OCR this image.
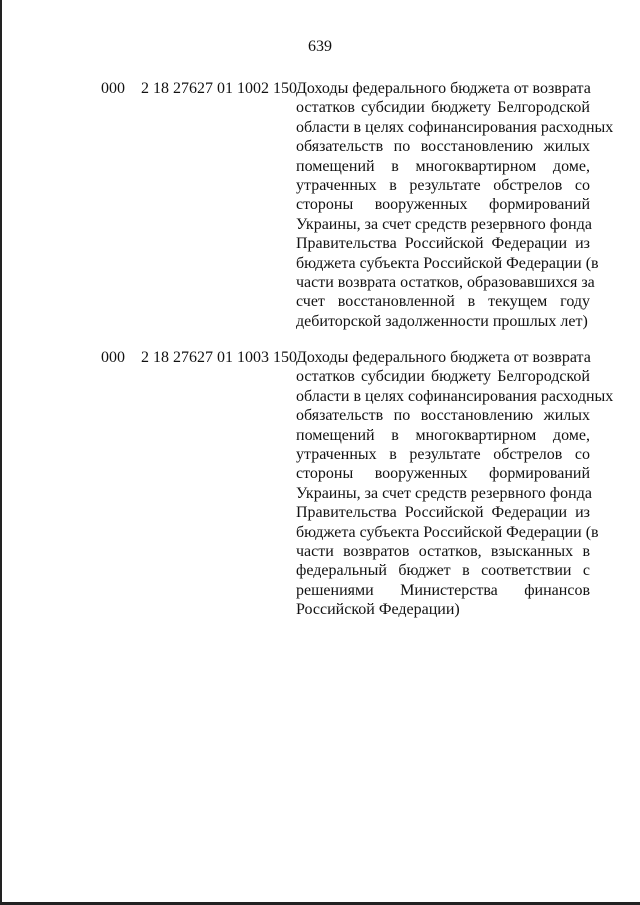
639
000 2 18 27627 01 1002 150 Доходы федерального бюджета от возврата
остатков субсидии бюджету Белгородской
области в целях софинансирования расходных
обязательств по восстановлению жилых
помещений в многоквартирном доме,
утраченных в результате обстрелов со
стороны вооруженных формирований
Украины, за счет средств резервного фонда
Правительства Российской Федерации из
бюджета субъекта Российской Федерации (в
части возврата остатков, образовавшихся за
счет восстановленной в текущем году
дебиторской задолженности прошлых лет)
000 2 18 27627 01 1003 150 Доходы федерального бюджета от возврата
остатков субсидии бюджету Белгородской
области в целях софинансирования расходных
обязательств по восстановлению жилых
помещений в многоквартирном доме,
утраченных в результате обстрелов со
стороны вооруженных формирований
Украины, за счет средств резервного фонда
Правительства Российской Федерации из
бюджета субъекта Российской Федерации (в
части возвратов остатков, взысканных в
федеральный бюджет в соответствии с
решениями Министерства финансов
Российской Федерации)
